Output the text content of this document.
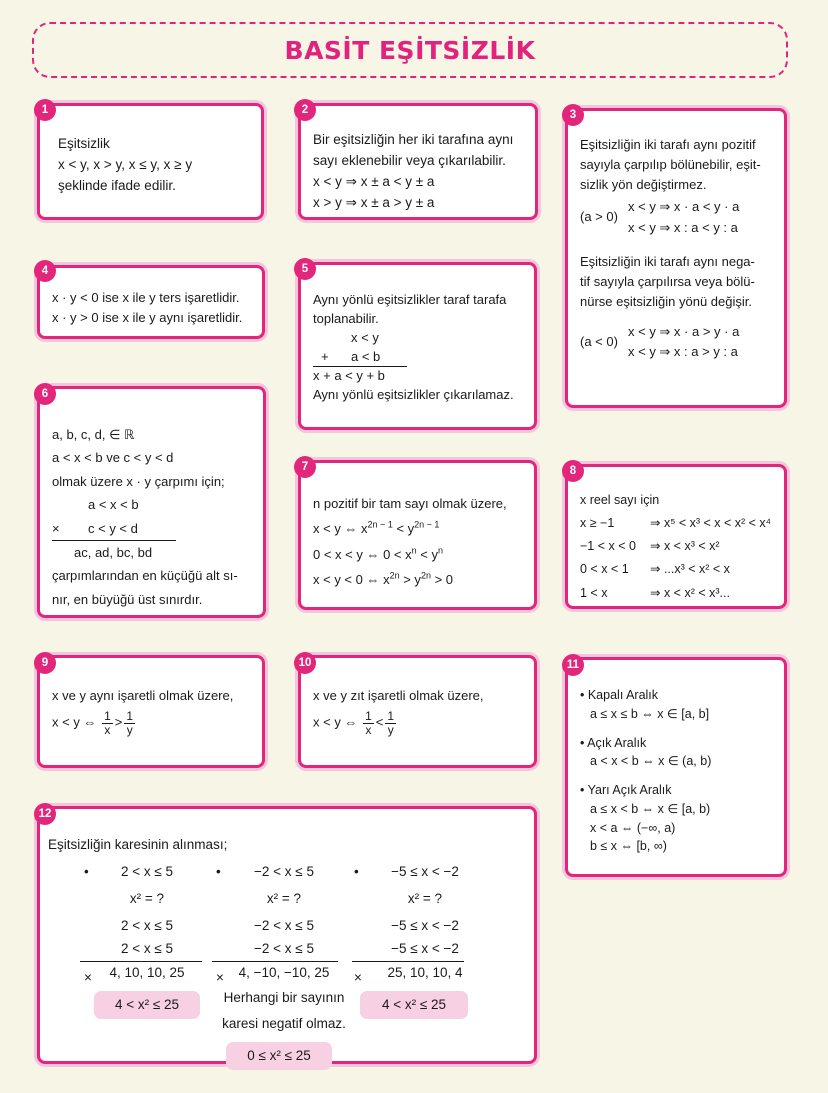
BASİT EŞİTSİZLİK
Eşitsizlik
x < y, x > y, x ≤ y, x ≥ y
şeklinde ifade edilir.
1
Bir eşitsizliğin her iki tarafına aynı
sayı eklenebilir veya çıkarılabilir.
x < y ⇒ x ± a < y ± a
x > y ⇒ x ± a > y ± a
2
Eşitsizliğin iki tarafı aynı pozitif
sayıyla çarpılıp bölünebilir, eşit-
sizlik yön değiştirmez.
(a > 0)
x < y ⇒ x · a < y · a
x < y ⇒ x : a < y : a
Eşitsizliğin iki tarafı aynı nega-
tif sayıyla çarpılırsa veya bölü-
nürse eşitsizliğin yönü değişir.
(a < 0)
x < y ⇒ x · a > y · a
x < y ⇒ x : a > y : a
3
x · y < 0 ise x ile y ters işaretlidir.
x · y > 0 ise x ile y aynı işaretlidir.
4
Aynı yönlü eşitsizlikler taraf tarafa
toplanabilir.
x < y
+	a < b
x + a < y + b
Aynı yönlü eşitsizlikler çıkarılamaz.
5
a, b, c, d, ∈ ℝ
a < x < b ve c < y < d
olmak üzere x · y çarpımı için;
a < x < b
×	c < y < d
ac, ad, bc, bd
çarpımlarından en küçüğü alt sı-
nır, en büyüğü üst sınırdır.
6
n pozitif bir tam sayı olmak üzere,
x < y ⇔ $x^{2n - 1} < y^{2n - 1}$
0 < x < y ⇔ $0 < x^n < y^n$
x < y < 0 ⇔ $x^{2n} > y^{2n} > 0$
7
x reel sayı için
x ≥ −1	⇒ x⁵ < x³ < x < x² < x⁴
−1 < x < 0	⇒ x < x³ < x²
0 < x < 1	⇒ ...x³ < x² < x
1 < x	⇒ x < x² < x³...
8
x ve y aynı işaretli olmak üzere,
x < y ⇔ $\frac{1}{x} > \frac{1}{y}$
9
x ve y zıt işaretli olmak üzere,
x < y ⇔ $\frac{1}{x} < \frac{1}{y}$
10
• Kapalı Aralık
a ≤ x ≤ b ⇔ x ∈ [a, b]
• Açık Aralık
a < x < b ⇔ x ∈ (a, b)
• Yarı Açık Aralık
a ≤ x < b ⇔ x ∈ [a, b)
x < a ⇔ (−∞, a)
b ≤ x ⇔ [b, ∞)
11
Eşitsizliğin karesinin alınması;
•	2 < x ≤ 5
x² = ?
2 < x ≤ 5
2 < x ≤ 5
×	4, 10, 10, 25
4 < x² ≤ 25
•	−2 < x ≤ 5
x² = ?
−2 < x ≤ 5
−2 < x ≤ 5
×	4, −10, −10, 25
Herhangi bir sayının
karesi negatif olmaz.
0 ≤ x² ≤ 25
•	−5 ≤ x < −2
x² = ?
−5 ≤ x < −2
−5 ≤ x < −2
×	25, 10, 10, 4
4 < x² ≤ 25
12
